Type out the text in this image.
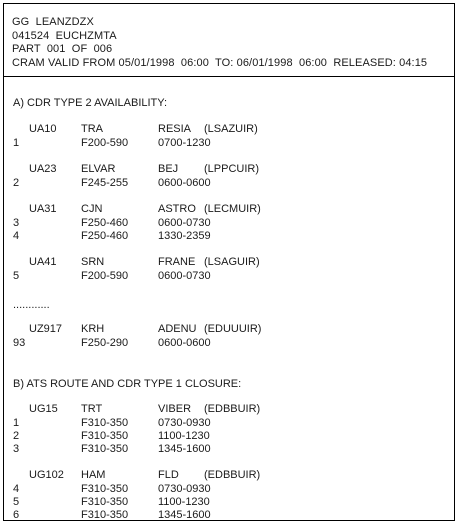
GG  LEANZDZX
041524  EUCHZMTA
PART  001  OF  006
CRAM VALID FROM 05/01/1998  06:00  TO: 06/01/1998  06:00  RELEASED: 04:15
A) CDR TYPE 2 AVAILABILITY:
UA10 TRA	RESIA (LSAZUIR)
1	F200-590	0700-1230
UA23 ELVAR	BEJ (LPPCUIR)
2	F245-255	0600-0600
UA31 CJN	ASTRO (LECMUIR)
3	F250-460	0600-0730
4	F250-460	1330-2359
UA41 SRN	FRANE (LSAGUIR)
5	F200-590	0600-0730
............
UZ917 KRH	ADENU (EDUUUIR)
93	F250-290	0600-0600
B) ATS ROUTE AND CDR TYPE 1 CLOSURE:
UG15 TRT	VIBER (EDBBUIR)
1	F310-350	0730-0930
2	F310-350	1100-1230
3	F310-350	1345-1600
UG102 HAM	FLD (EDBBUIR)
4	F310-350	0730-0930
5	F310-350	1100-1230
6	F310-350	1345-1600
